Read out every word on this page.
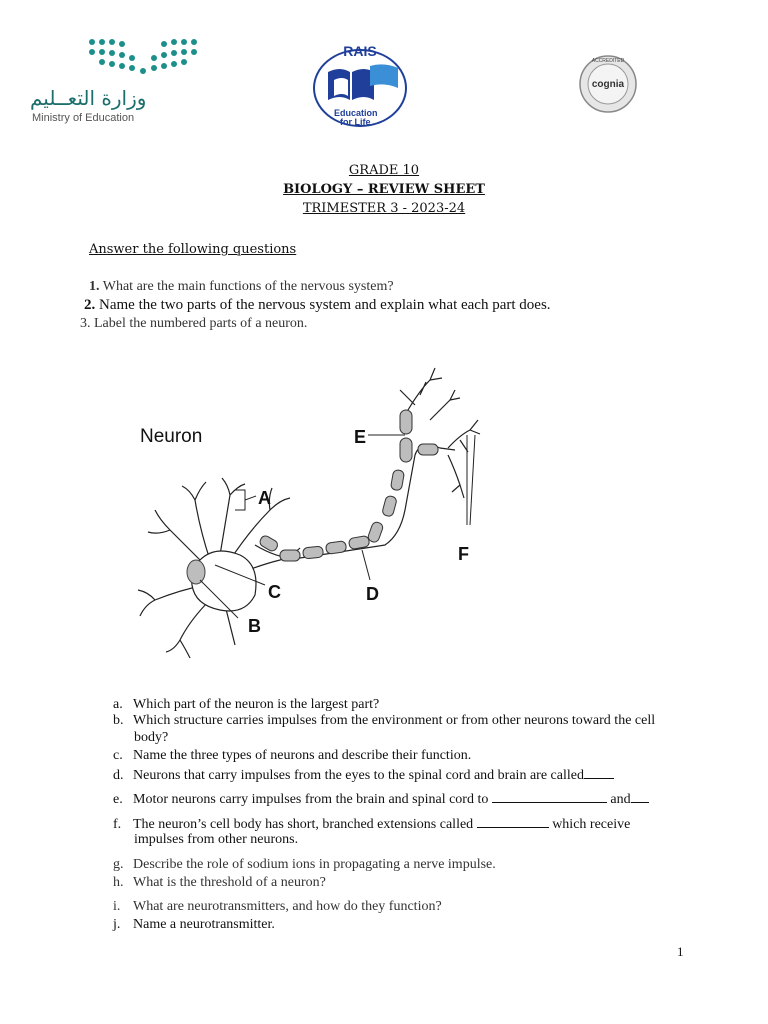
وزارة التعــليم
Ministry of Education
RAIS
Education
for Life
ACCREDITED
cognia
GRADE 10
BIOLOGY – REVIEW SHEET
TRIMESTER 3 - 2023-24
Answer the following questions
1. What are the main functions of the nervous system?
2. Name the two parts of the nervous system and explain what each part does.
3. Label the numbered parts of a neuron.
Neuron
A
B
C	D
E
F
a. Which part of the neuron is the largest part?
b. Which structure carries impulses from the environment or from other neurons toward the cell
body?
c. Name the three types of neurons and describe their function.
d. Neurons that carry impulses from the eyes to the spinal cord and brain are called
e. Motor neurons carry impulses from the brain and spinal cord to	and
f. The neuron’s cell body has short, branched extensions called	which receive
impulses from other neurons.
g. Describe the role of sodium ions in propagating a nerve impulse.
h. What is the threshold of a neuron?
i. What are neurotransmitters, and how do they function?
j. Name a neurotransmitter.
1
